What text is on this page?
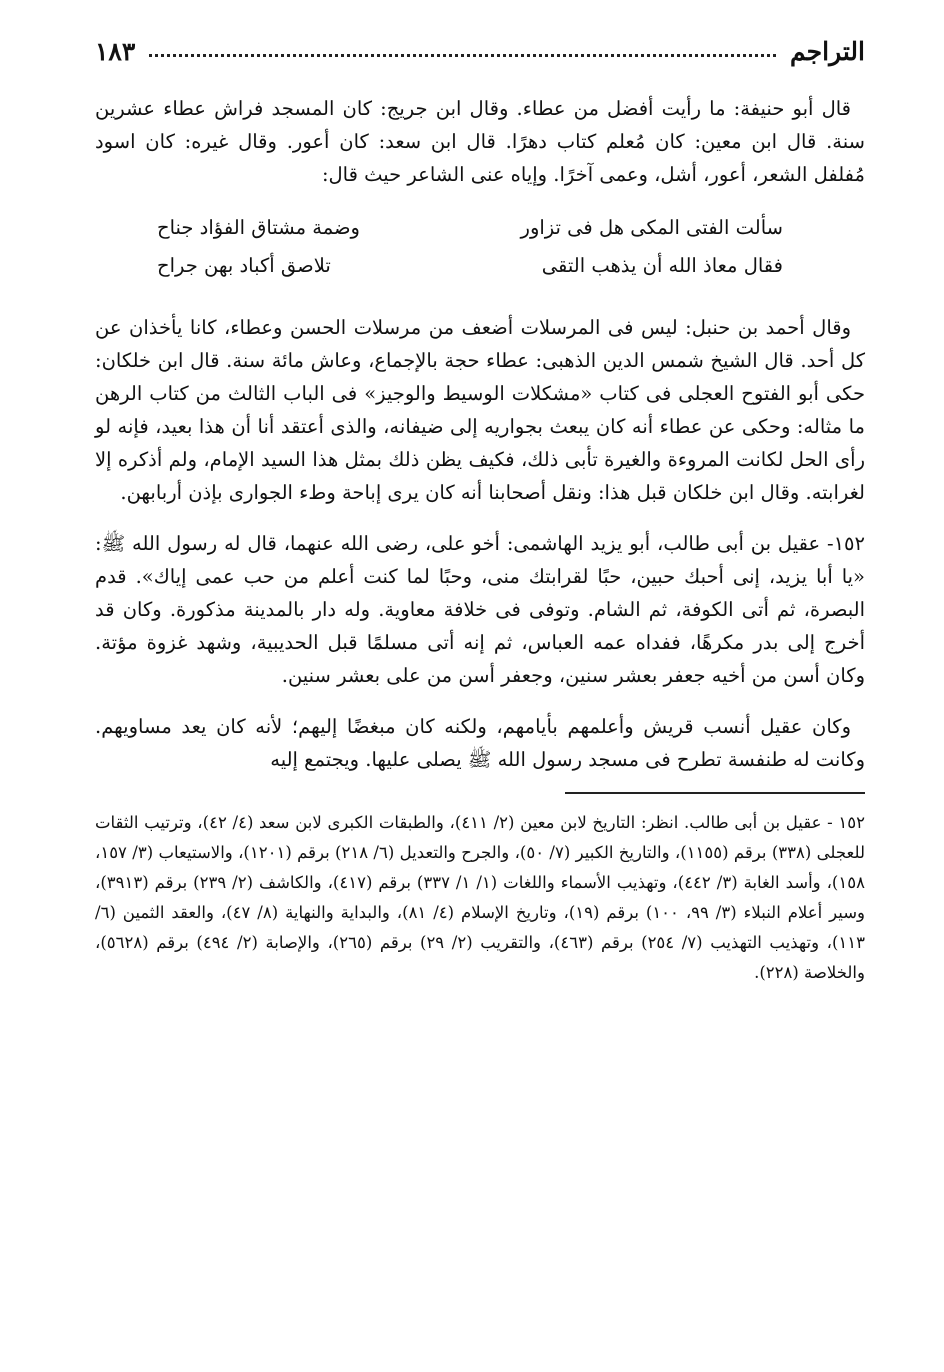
التراجم
١٨٣

قال أبو حنيفة: ما رأيت أفضل من عطاء. وقال ابن جريج: كان المسجد فراش عطاء عشرين سنة. قال ابن معين: كان مُعلم كتاب دهرًا. قال ابن سعد: كان أعور. وقال غيره: كان اسود مُفلفل الشعر، أعور، أشل، وعمى آخرًا. وإياه عنى الشاعر حيث قال:

سألت الفتى المكى هل فى تزاور
وضمة مشتاق الفؤاد جناح
فقال معاذ الله أن يذهب التقى
تلاصق أكباد بهن جراح

وقال أحمد بن حنبل: ليس فى المرسلات أضعف من مرسلات الحسن وعطاء، كانا يأخذان عن كل أحد. قال الشيخ شمس الدين الذهبى: عطاء حجة بالإجماع، وعاش مائة سنة. قال ابن خلكان: حكى أبو الفتوح العجلى فى كتاب «مشكلات الوسيط والوجيز» فى الباب الثالث من كتاب الرهن ما مثاله: وحكى عن عطاء أنه كان يبعث بجواريه إلى ضيفانه، والذى أعتقد أنا أن هذا بعيد، فإنه لو رأى الحل لكانت المروءة والغيرة تأبى ذلك، فكيف يظن ذلك بمثل هذا السيد الإمام، ولم أذكره إلا لغرابته. وقال ابن خلكان قبل هذا: ونقل أصحابنا أنه كان يرى إباحة وطء الجوارى بإذن أربابهن.

١٥٢- عقيل بن أبى طالب، أبو يزيد الهاشمى: أخو على، رضى الله عنهما، قال له رسول الله ﷺ: «يا أبا يزيد، إنى أحبك حبين، حبًا لقرابتك منى، وحبًا لما كنت أعلم من حب عمى إياك». قدم البصرة، ثم أتى الكوفة، ثم الشام. وتوفى فى خلافة معاوية. وله دار بالمدينة مذكورة. وكان قد أخرج إلى بدر مكرهًا، ففداه عمه العباس، ثم إنه أتى مسلمًا قبل الحديبية، وشهد غزوة مؤتة. وكان أسن من أخيه جعفر بعشر سنين، وجعفر أسن من على بعشر سنين.

وكان عقيل أنسب قريش وأعلمهم بأيامهم، ولكنه كان مبغضًا إليهم؛ لأنه كان يعد مساويهم. وكانت له طنفسة تطرح فى مسجد رسول الله ﷺ يصلى عليها. ويجتمع إليه

١٥٢ - عقيل بن أبى طالب. انظر: التاريخ لابن معين (٢/ ٤١١)، والطبقات الكبرى لابن سعد (٤/ ٤٢)، وترتيب الثقات للعجلى (٣٣٨) برقم (١١٥٥)، والتاريخ الكبير (٧/ ٥٠)، والجرح والتعديل (٦/ ٢١٨) برقم (١٢٠١)، والاستيعاب (٣/ ١٥٧، ١٥٨)، وأسد الغابة (٣/ ٤٤٢)، وتهذيب الأسماء واللغات (١/ ١/ ٣٣٧) برقم (٤١٧)، والكاشف (٢/ ٢٣٩) برقم (٣٩١٣)، وسير أعلام النبلاء (٣/ ٩٩، ١٠٠) برقم (١٩)، وتاريخ الإسلام (٤/ ٨١)، والبداية والنهاية (٨/ ٤٧)، والعقد الثمين (٦/ ١١٣)، وتهذيب التهذيب (٧/ ٢٥٤) برقم (٤٦٣)، والتقريب (٢/ ٢٩) برقم (٢٦٥)، والإصابة (٢/ ٤٩٤) برقم (٥٦٢٨)، والخلاصة (٢٢٨).
